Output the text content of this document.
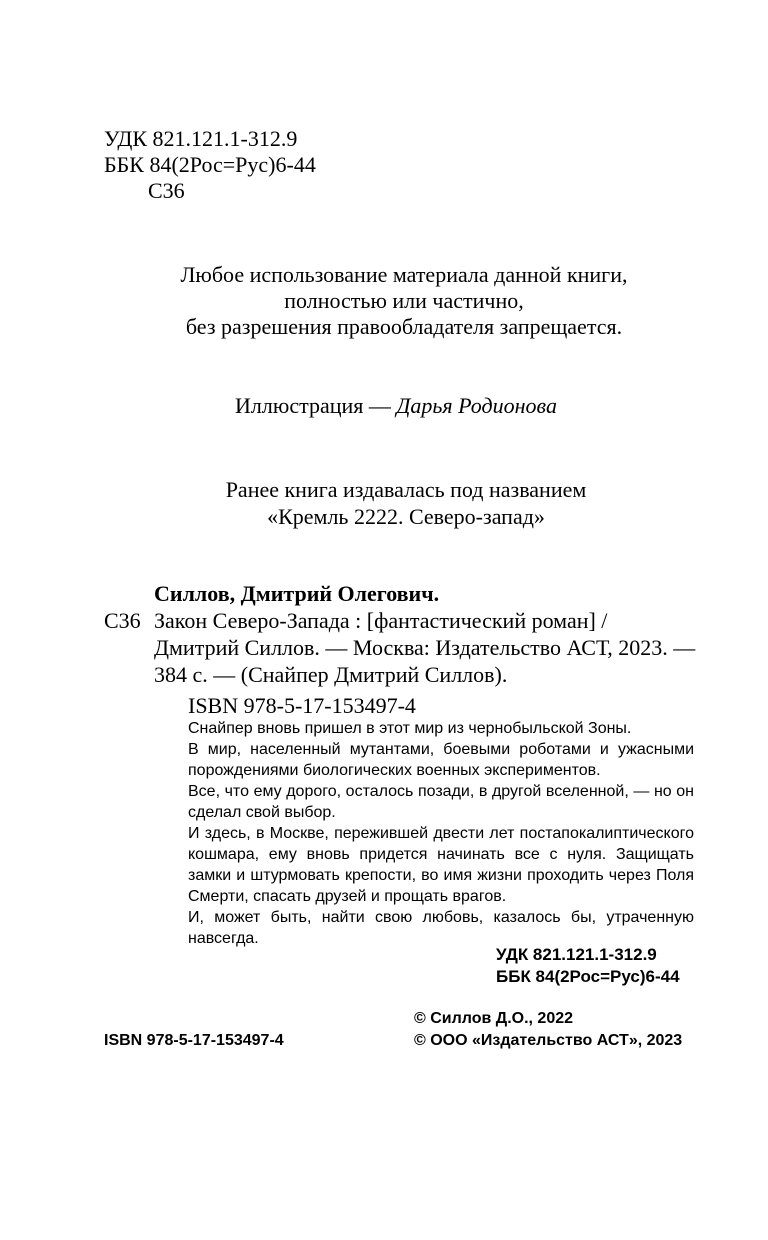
УДК 821.121.1-312.9
ББК 84(2Рос=Рус)6-44
С36
Любое использование материала данной книги,
полностью или частично,
без разрешения правообладателя запрещается.
Иллюстрация — Дарья Родионова
Ранее книга издавалась под названием
«Кремль 2222. Северо-запад»
Силлов, Дмитрий Олегович.
С36 Закон Северо-Запада : [фантастический роман] / Дмитрий Силлов. — Москва: Издательство АСТ, 2023. — 384 с. — (Снайпер Дмитрий Силлов).
ISBN 978-5-17-153497-4

Снайпер вновь пришел в этот мир из чернобыльской Зоны.

В мир, населенный мутантами, боевыми роботами и ужасными порождениями биологических военных экспериментов.

Все, что ему дорого, осталось позади, в другой вселенной, — но он сделал свой выбор.

И здесь, в Москве, пережившей двести лет постапокалиптического кошмара, ему вновь придется начинать все с нуля. Защищать замки и штурмовать крепости, во имя жизни проходить через Поля Смерти, спасать друзей и прощать врагов.

И, может быть, найти свою любовь, казалось бы, утраченную навсегда.

УДК 821.121.1-312.9
ББК 84(2Рос=Рус)6-44
© Силлов Д.О., 2022
© ООО «Издательство АСТ», 2023
ISBN 978-5-17-153497-4
